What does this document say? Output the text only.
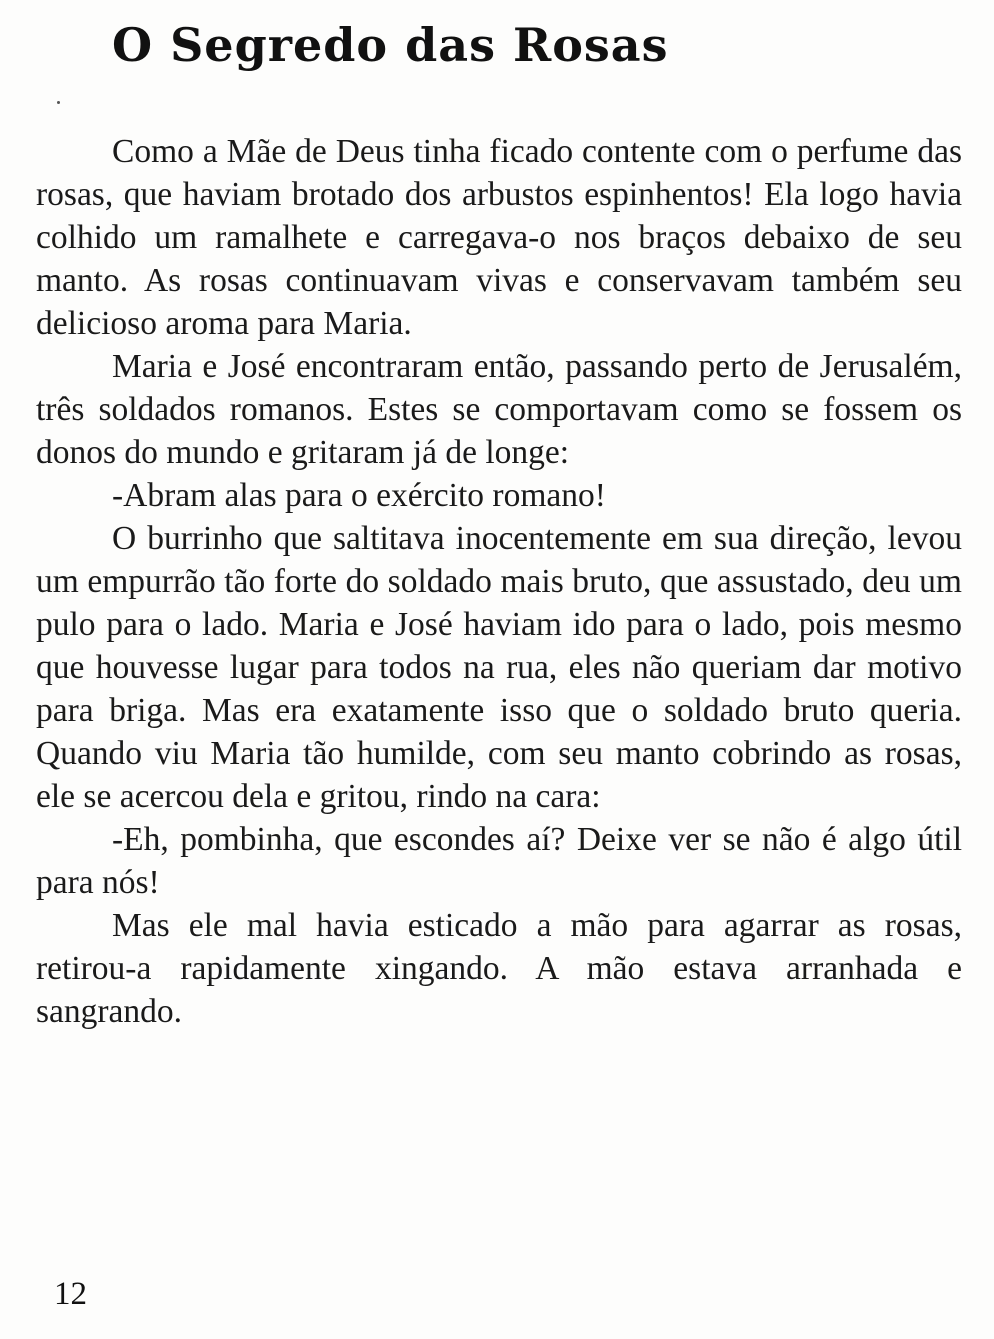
O Segredo das Rosas

Como a Mãe de Deus tinha ficado contente com o perfume das rosas, que haviam brotado dos arbustos espinhentos! Ela logo havia colhido um ramalhete e carregava-o nos braços debaixo de seu manto. As rosas continuavam vivas e conservavam também seu delicioso aroma para Maria.

Maria e José encontraram então, passando perto de Jerusalém, três soldados romanos. Estes se comportavam como se fossem os donos do mundo e gritaram já de longe:

-Abram alas para o exército romano!

O burrinho que saltitava inocentemente em sua direção, levou um empurrão tão forte do soldado mais bruto, que assustado, deu um pulo para o lado. Maria e José haviam ido para o lado, pois mesmo que houvesse lugar para todos na rua, eles não queriam dar motivo para briga. Mas era exatamente isso que o soldado bruto queria. Quando viu Maria tão humilde, com seu manto cobrindo as rosas, ele se acercou dela e gritou, rindo na cara:

-Eh, pombinha, que escondes aí? Deixe ver se não é algo útil para nós!

Mas ele mal havia esticado a mão para agarrar as rosas, retirou-a rapidamente xingando. A mão estava arranhada e sangrando.

12
